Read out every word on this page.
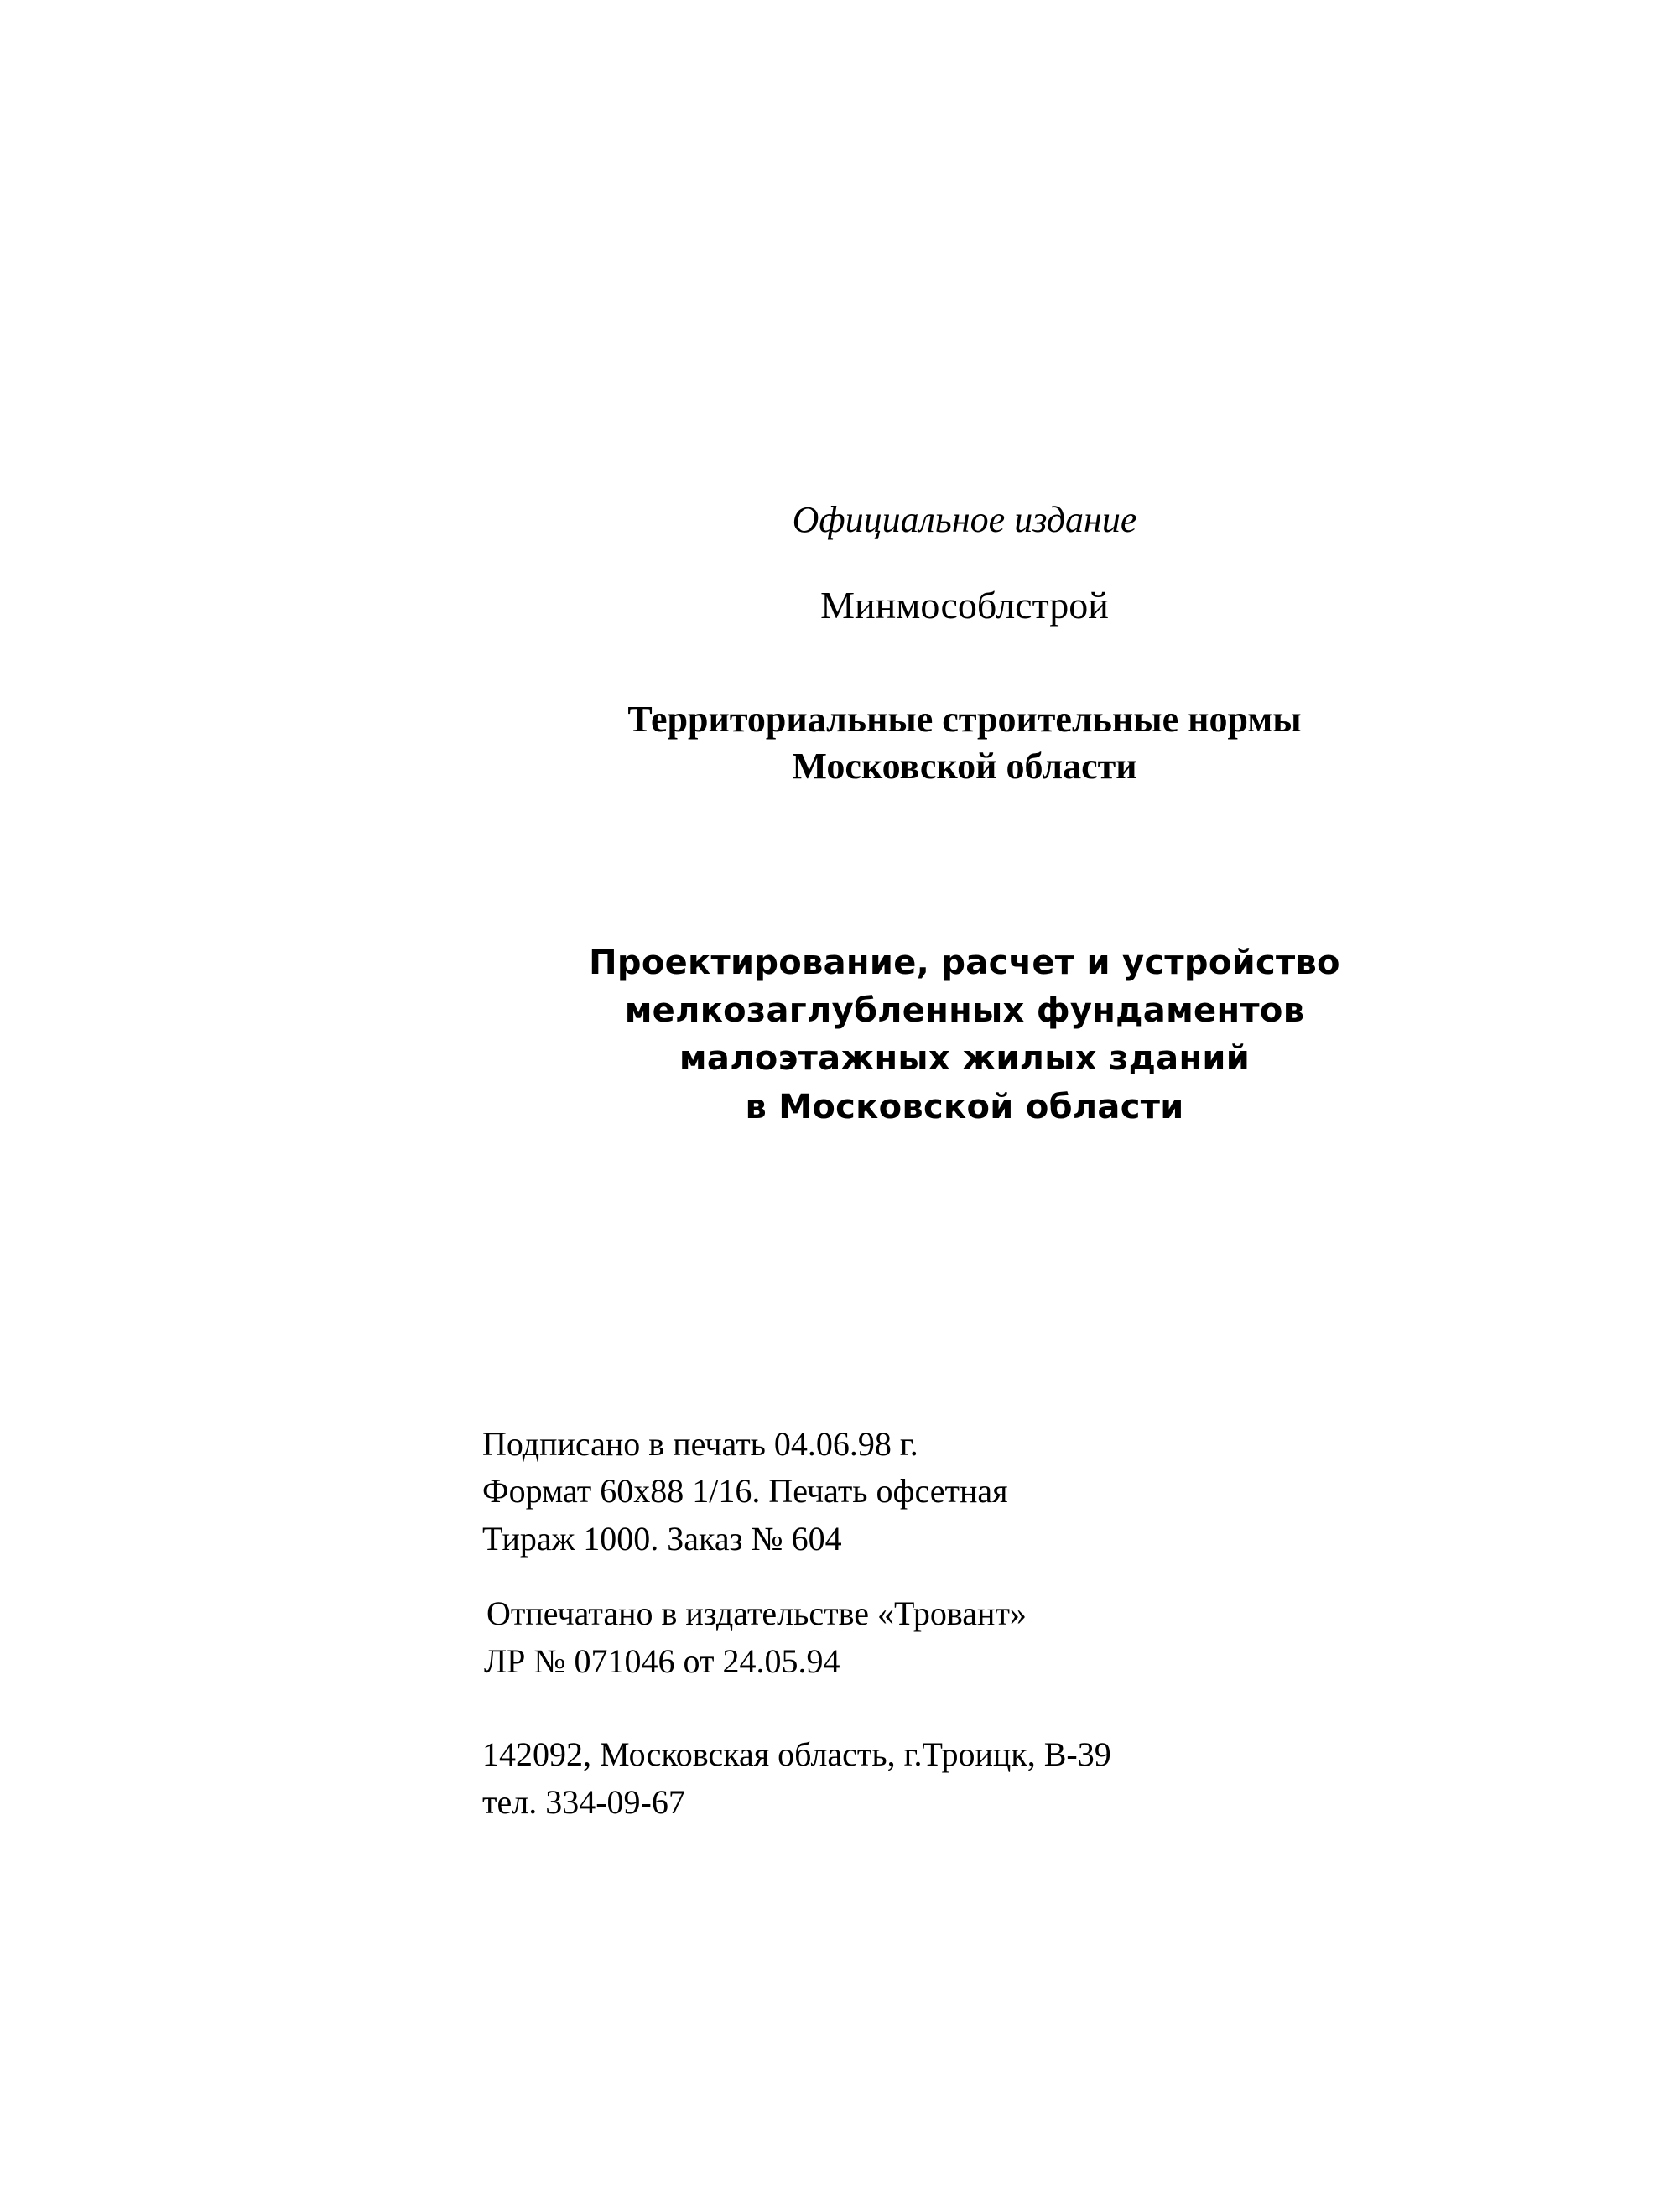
Официальное издание
Минмособлстрой
Территориальные строительные нормы
Московской области
Проектирование, расчет и устройство
мелкозаглубленных фундаментов
малоэтажных жилых зданий
в Московской области
Подписано в печать 04.06.98 г.
Формат 60х88 1/16. Печать офсетная
Тираж 1000. Заказ № 604
Отпечатано в издательстве «Тровант»
ЛР № 071046 от 24.05.94
142092, Московская область, г.Троицк, В-39
тел. 334-09-67
